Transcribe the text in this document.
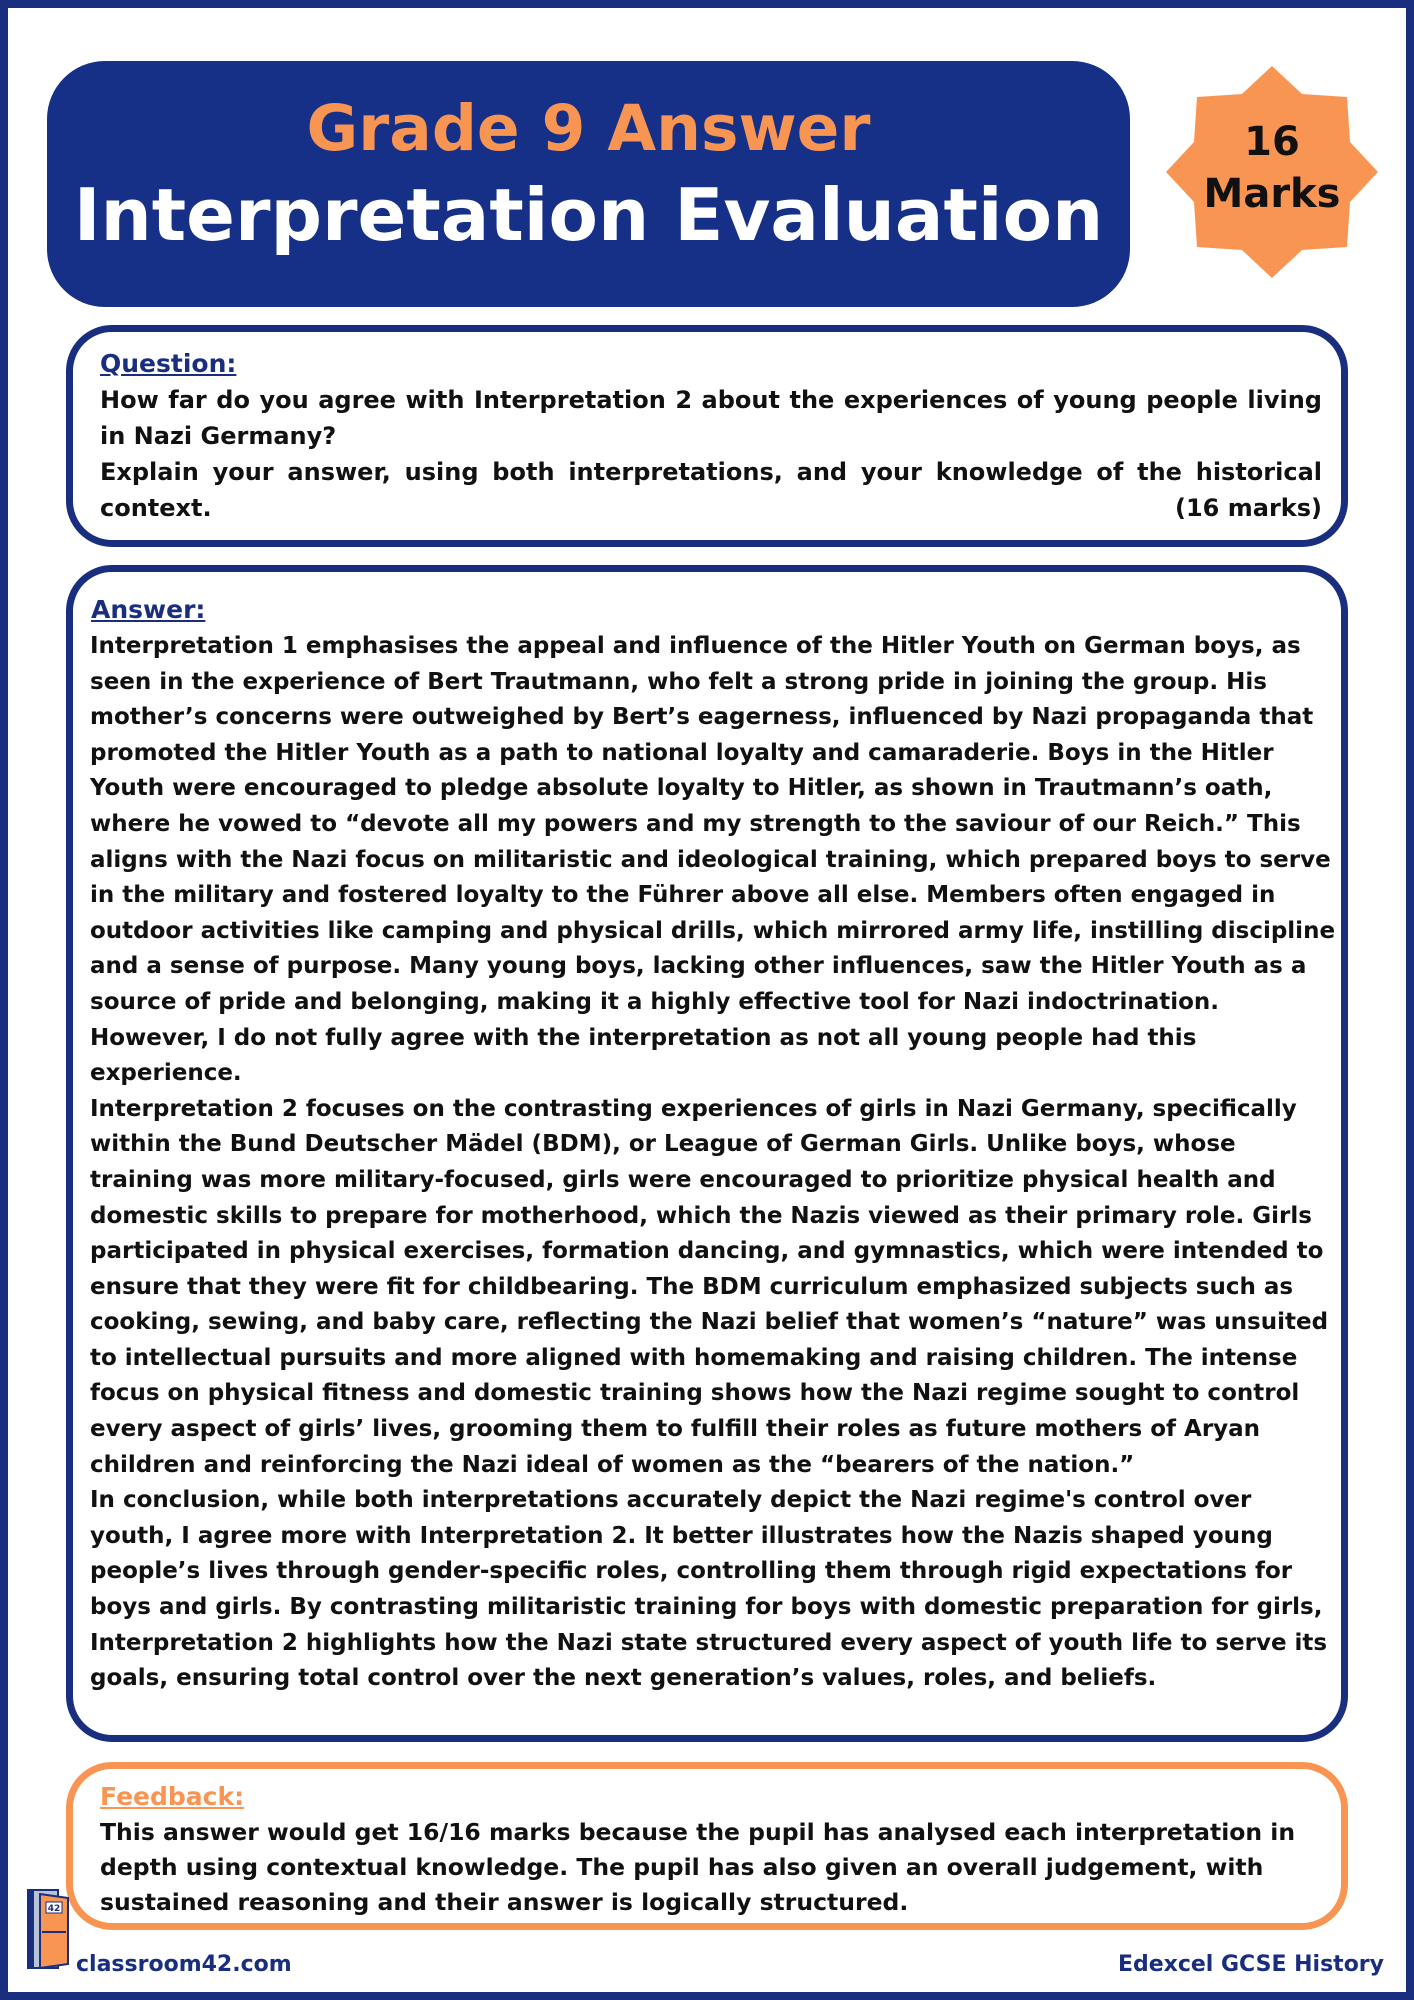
Grade 9 Answer
Interpretation Evaluation
16
Marks
Question:

How far do you agree with Interpretation 2 about the experiences of young people living in Nazi Germany?

Explain your answer, using both interpretations, and your knowledge of the historical context.	(16 marks)

Answer:

Interpretation 1 emphasises the appeal and influence of the Hitler Youth on German boys, as seen in the experience of Bert Trautmann, who felt a strong pride in joining the group. His mother’s concerns were outweighed by Bert’s eagerness, influenced by Nazi propaganda that promoted the Hitler Youth as a path to national loyalty and camaraderie. Boys in the Hitler Youth were encouraged to pledge absolute loyalty to Hitler, as shown in Trautmann’s oath, where he vowed to “devote all my powers and my strength to the saviour of our Reich.” This aligns with the Nazi focus on militaristic and ideological training, which prepared boys to serve in the military and fostered loyalty to the Führer above all else. Members often engaged in outdoor activities like camping and physical drills, which mirrored army life, instilling discipline and a sense of purpose. Many young boys, lacking other influences, saw the Hitler Youth as a source of pride and belonging, making it a highly effective tool for Nazi indoctrination. However, I do not fully agree with the interpretation as not all young people had this experience.

Interpretation 2 focuses on the contrasting experiences of girls in Nazi Germany, specifically within the Bund Deutscher Mädel (BDM), or League of German Girls. Unlike boys, whose training was more military-focused, girls were encouraged to prioritize physical health and domestic skills to prepare for motherhood, which the Nazis viewed as their primary role. Girls participated in physical exercises, formation dancing, and gymnastics, which were intended to ensure that they were fit for childbearing. The BDM curriculum emphasized subjects such as cooking, sewing, and baby care, reflecting the Nazi belief that women’s “nature” was unsuited to intellectual pursuits and more aligned with homemaking and raising children. The intense focus on physical fitness and domestic training shows how the Nazi regime sought to control every aspect of girls’ lives, grooming them to fulfill their roles as future mothers of Aryan children and reinforcing the Nazi ideal of women as the “bearers of the nation.”

In conclusion, while both interpretations accurately depict the Nazi regime's control over youth, I agree more with Interpretation 2. It better illustrates how the Nazis shaped young people’s lives through gender-specific roles, controlling them through rigid expectations for boys and girls. By contrasting militaristic training for boys with domestic preparation for girls, Interpretation 2 highlights how the Nazi state structured every aspect of youth life to serve its goals, ensuring total control over the next generation’s values, roles, and beliefs.

Feedback:
This answer would get 16/16 marks because the pupil has analysed each interpretation in depth using contextual knowledge. The pupil has also given an overall judgement, with sustained reasoning and their answer is logically structured.
42
classroom42.com	Edexcel GCSE History
